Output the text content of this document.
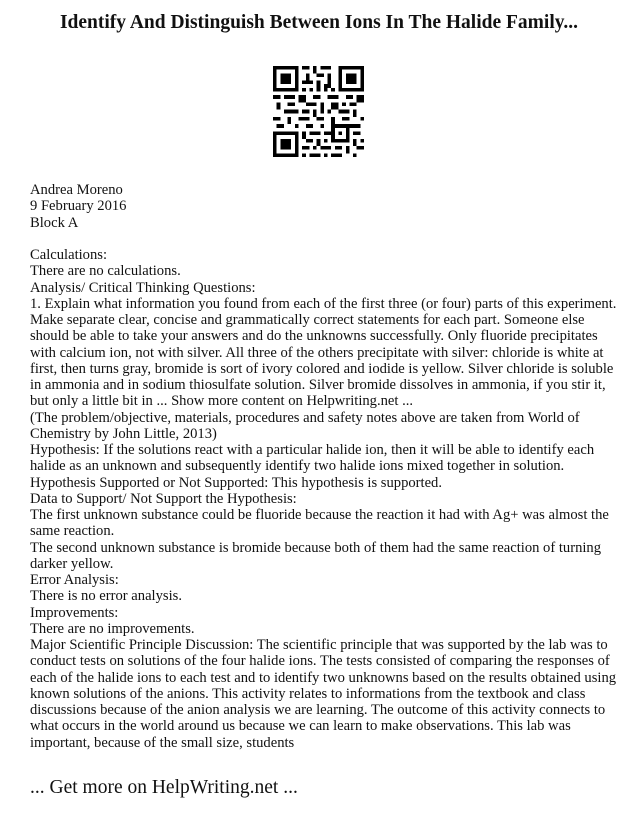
Identify And Distinguish Between Ions In The Halide Family...

Andrea Moreno

9 February 2016

Block A

Calculations:

There are no calculations.

Analysis/ Critical Thinking Questions:

1. Explain what information you found from each of the first three (or four) parts of this experiment. Make separate clear, concise and grammatically correct statements for each part. Someone else should be able to take your answers and do the unknowns successfully. Only fluoride precipitates with calcium ion, not with silver. All three of the others precipitate with silver: chloride is white at first, then turns gray, bromide is sort of ivory colored and iodide is yellow. Silver chloride is soluble in ammonia and in sodium thiosulfate solution. Silver bromide dissolves in ammonia, if you stir it, but only a little bit in ... Show more content on Helpwriting.net ...

(The problem/objective, materials, procedures and safety notes above are taken from World of Chemistry by John Little, 2013)

Hypothesis: If the solutions react with a particular halide ion, then it will be able to identify each halide as an unknown and subsequently identify two halide ions mixed together in solution.

Hypothesis Supported or Not Supported: This hypothesis is supported.

Data to Support/ Not Support the Hypothesis:

The first unknown substance could be fluoride because the reaction it had with Ag+ was almost the same reaction.

The second unknown substance is bromide because both of them had the same reaction of turning darker yellow.

Error Analysis:

There is no error analysis.

Improvements:

There are no improvements.

Major Scientific Principle Discussion: The scientific principle that was supported by the lab was to conduct tests on solutions of the four halide ions. The tests consisted of comparing the responses of each of the halide ions to each test and to identify two unknowns based on the results obtained using known solutions of the anions. This activity relates to informations from the textbook and class discussions because of the anion analysis we are learning. The outcome of this activity connects to what occurs in the world around us because we can learn to make observations. This lab was important, because of the small size, students

... Get more on HelpWriting.net ...
